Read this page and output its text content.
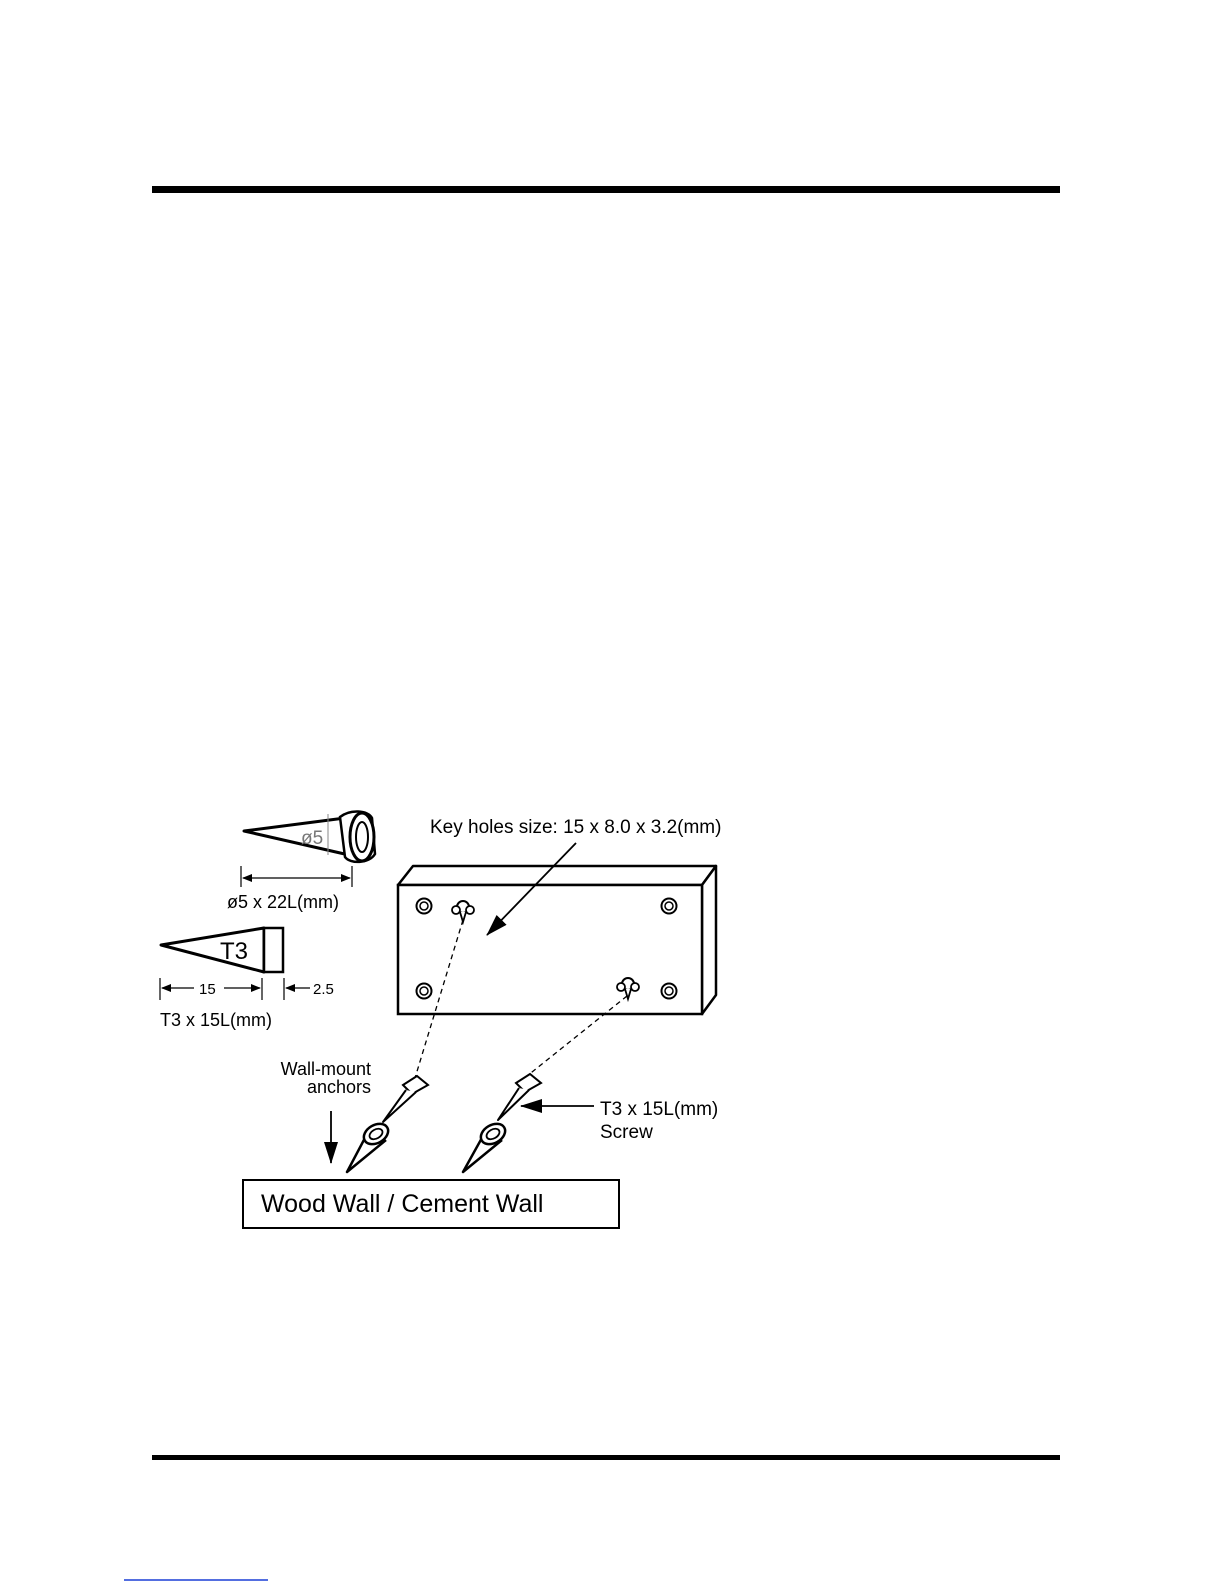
ø5
ø5 x 22L(mm)
T3
15	2.5
T3 x 15L(mm)
Key holes size: 15 x 8.0 x 3.2(mm)
Wall-mount
anchors
T3 x 15L(mm)
Screw
Wood Wall / Cement Wall
